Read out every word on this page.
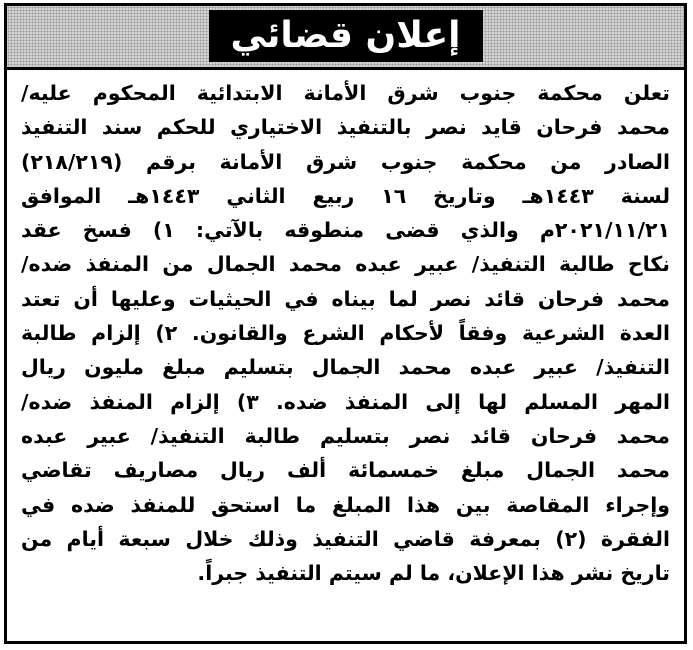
إعلان قضائي
تعلن محكمة جنوب شرق الأمانة الابتدائية المحكوم عليه/
محمد فرحان قايد نصر بالتنفيذ الاختياري للحكم سند التنفيذ
الصادر من محكمة جنوب شرق الأمانة برقم (٢١٨/٢١٩)
لسنة ١٤٤٣هـ وتاريخ ١٦ ربيع الثاني ١٤٤٣هـ الموافق
٢٠٢١/١١/٢١م والذي قضى منطوقه بالآتي: ١) فسخ عقد
نكاح طالبة التنفيذ/ عبير عبده محمد الجمال من المنفذ ضده/
محمد فرحان قائد نصر لما بيناه في الحيثيات وعليها أن تعتد
العدة الشرعية وفقاً لأحكام الشرع والقانون. ٢) إلزام طالبة
التنفيذ/ عبير عبده محمد الجمال بتسليم مبلغ مليون ريال
المهر المسلم لها إلى المنفذ ضده. ٣) إلزام المنفذ ضده/
محمد فرحان قائد نصر بتسليم طالبة التنفيذ/ عبير عبده
محمد الجمال مبلغ خمسمائة ألف ريال مصاريف تقاضي
وإجراء المقاصة بين هذا المبلغ ما استحق للمنفذ ضده في
الفقرة (٢) بمعرفة قاضي التنفيذ وذلك خلال سبعة أيام من
تاريخ نشر هذا الإعلان، ما لم سيتم التنفيذ جبراً.
